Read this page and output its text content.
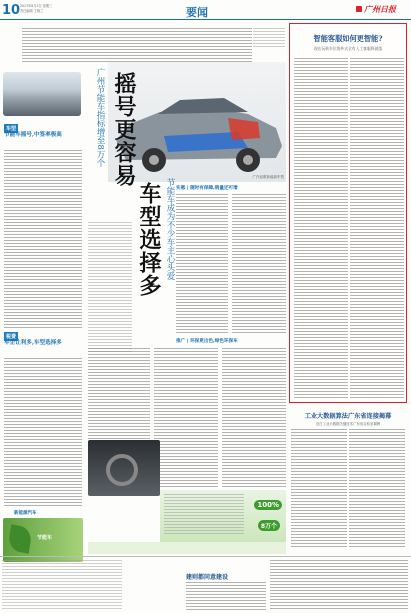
10 2017年8月2日 星期三
责任编辑 王晓兰	要闻	广州日报
车型
节能车摇号,中签率极高
税费
车企让利多,车型选择多
新能源汽车
节能车
广汽讴歌新能源车型
摇号更容易
车型选择多
广州节能车指标增至8万个
节能车成为不少车主心头爱 实惠 | 随时有保障,销量还可增
推广 | 环保更出色,绿色环保车
100%
8万个
智能客服如何更智能?
现在玩转车位的外式全有人工客服将就落
工业大数据算法广东省连接揭幕
近日工业大数据关键技术广东省实验室揭牌
建则都同意建设
